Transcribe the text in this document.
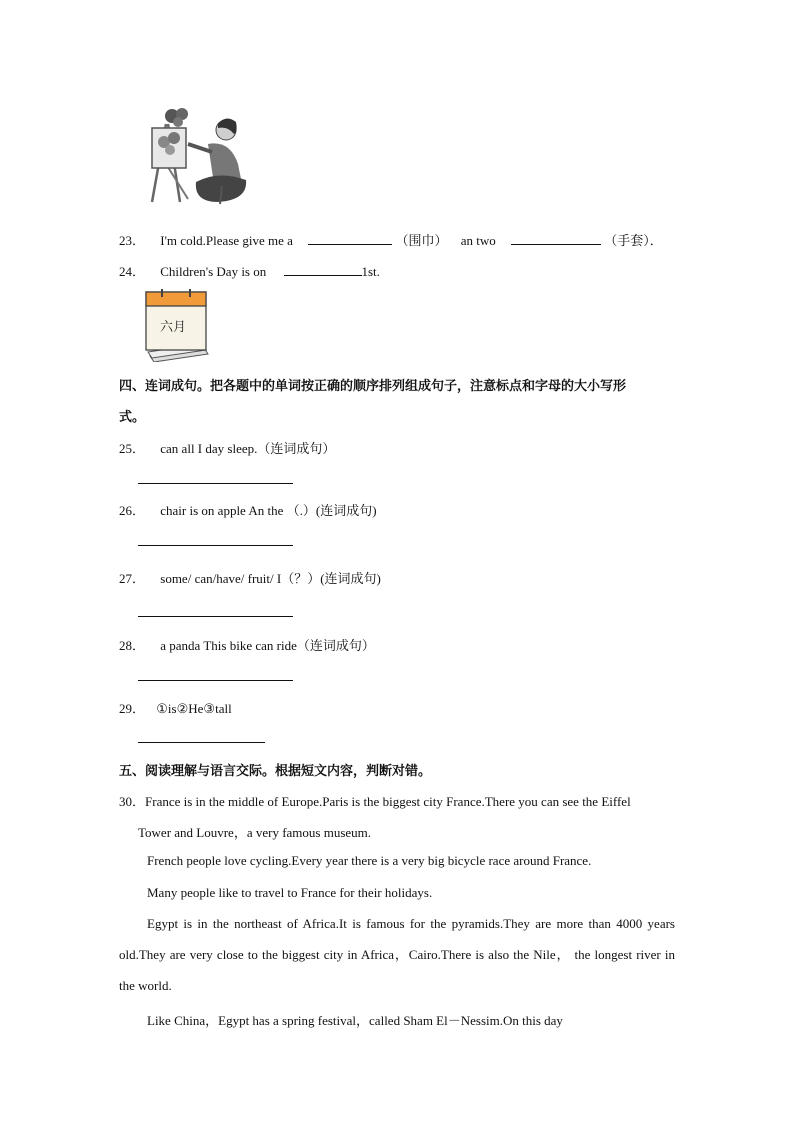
23． I'm cold.Please give me a	（围巾） an two	（手套）．
24． Children's Day is on	1st.
六月
四、连词成句。把各题中的单词按正确的顺序排列组成句子，注意标点和字母的大小写形
式。
25． can all I day sleep.（连词成句）
26． chair is on apple An the （.）(连词成句)
27． some/ can/have/ fruit/ I（？）(连词成句)
28． a panda This bike can ride（连词成句）
29． ①is②He③tall
五、阅读理解与语言交际。根据短文内容，判断对错。
30．France is in the middle of Europe.Paris is the biggest city France.There you can see the Eiffel
Tower and Louvre，a very famous museum.
French people love cycling.Every year there is a very big bicycle race around France.
Many people like to travel to France for their holidays.
Egypt is in the northeast of Africa.It is famous for the pyramids.They are more than 4000 years old.They are very close to the biggest city in Africa，Cairo.There is also the Nile， the longest river in the world.
Like China，Egypt has a spring festival，called Sham El－Nessim.On this day
